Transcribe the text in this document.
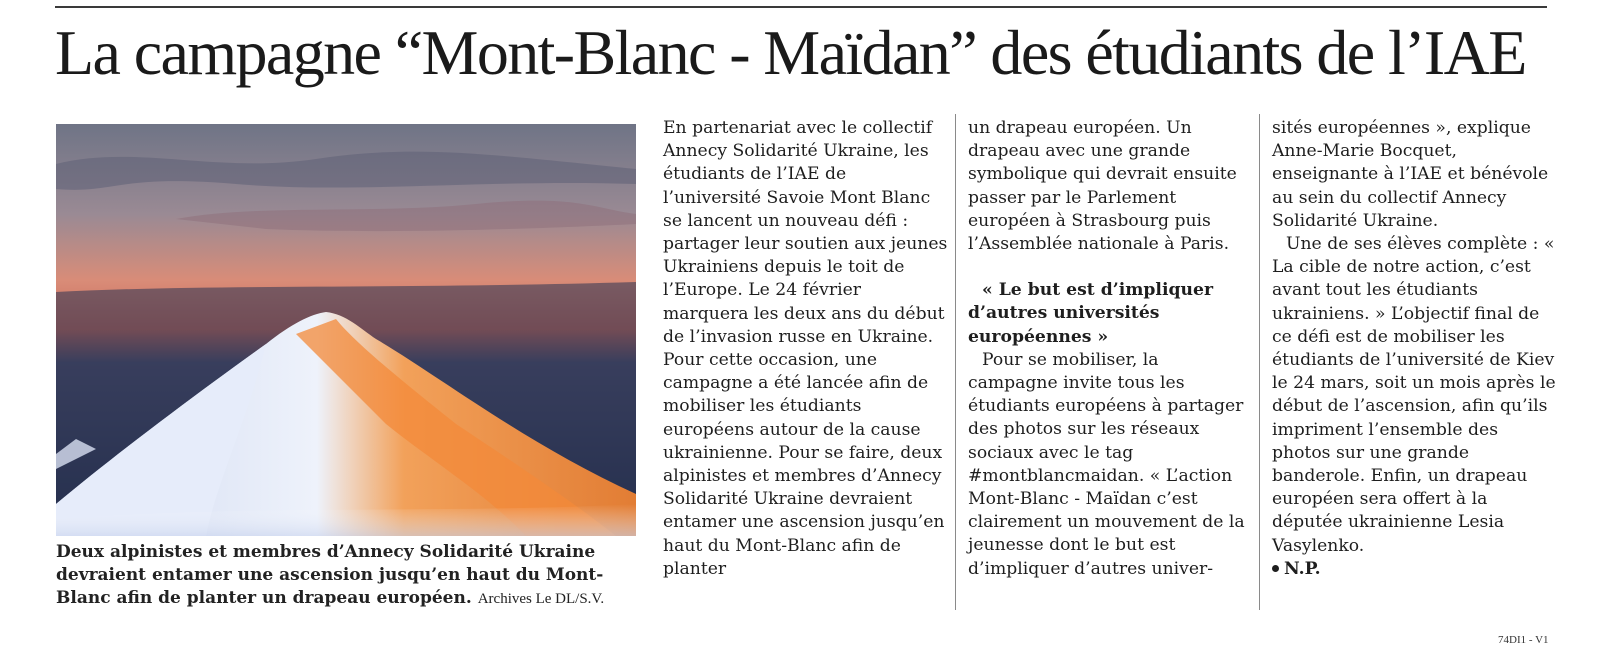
La campagne “Mont-Blanc - Maïdan” des étudiants de l’IAE
Deux alpinistes et membres d’Annecy Solidarité Ukraine devraient entamer une ascension jusqu’en haut du Mont-Blanc afin de planter un drapeau européen. Archives Le DL/S.V.

En partenariat avec le collectif Annecy Solidarité Ukraine, les étudiants de l’IAE de l’université Savoie Mont Blanc se lancent un nouveau défi : partager leur soutien aux jeunes Ukrainiens depuis le toit de l’Europe. Le 24 février marquera les deux ans du début de l’invasion russe en Ukraine. Pour cette occasion, une campagne a été lancée afin de mobiliser les étudiants européens autour de la cause ukrainienne. Pour se faire, deux alpinistes et membres d’Annecy Solidarité Ukraine devraient entamer une ascension jusqu’en haut du Mont-Blanc afin de planter

un drapeau européen. Un drapeau avec une grande symbolique qui devrait ensuite passer par le Parlement européen à Strasbourg puis l’Assemblée nationale à Paris.

« Le but est d’impliquer d’autres universités européennes »

Pour se mobiliser, la campagne invite tous les étudiants européens à partager des photos sur les réseaux sociaux avec le tag #montblancmaidan. « L’action Mont-Blanc - Maïdan c’est clairement un mouvement de la jeunesse dont le but est d’impliquer d’autres univer-

sités européennes », explique Anne-Marie Bocquet, enseignante à l’IAE et bénévole au sein du collectif Annecy Solidarité Ukraine.

Une de ses élèves complète : « La cible de notre action, c’est avant tout les étudiants ukrainiens. » L’objectif final de ce défi est de mobiliser les étudiants de l’université de Kiev le 24 mars, soit un mois après le début de l’ascension, afin qu’ils impriment l’ensemble des photos sur une grande banderole. Enfin, un drapeau européen sera offert à la députée ukrainienne Lesia Vasylenko.

N.P.

74DI1 - V1
